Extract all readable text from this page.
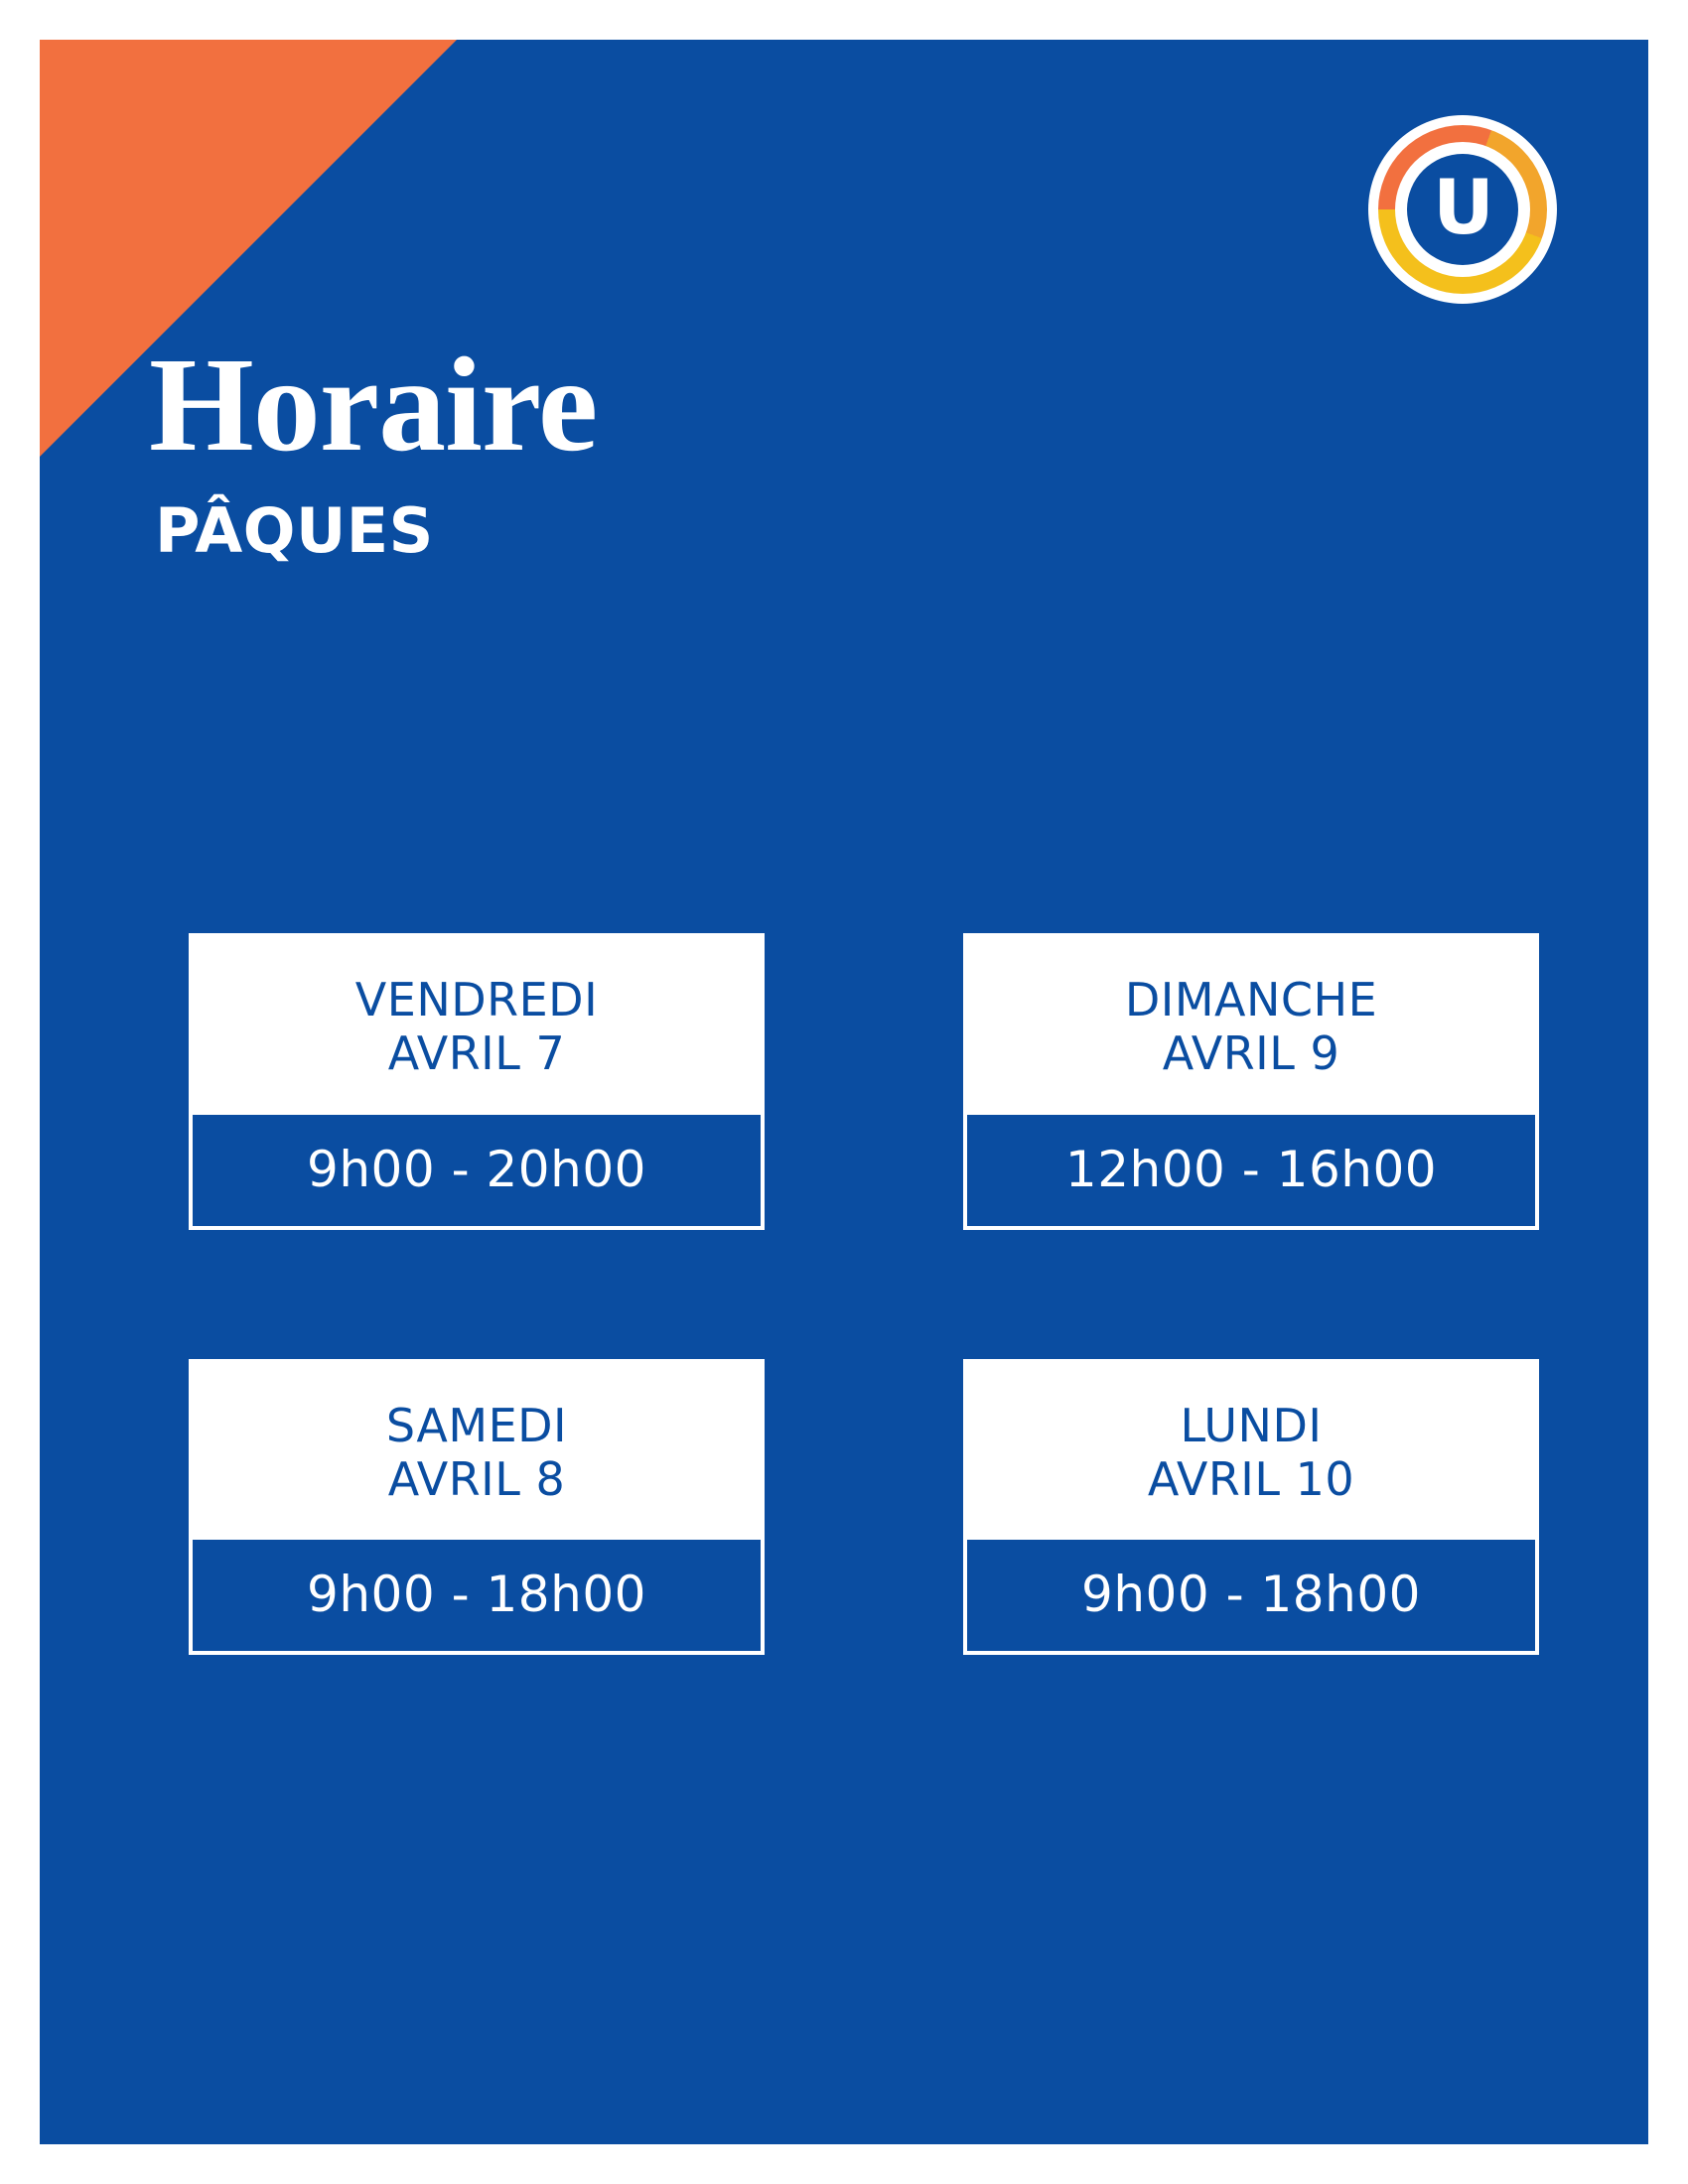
U
Horaire
PÂQUES
VENDREDI
AVRIL 7
9h00 - 20h00
DIMANCHE
AVRIL 9
12h00 - 16h00
SAMEDI
AVRIL 8
9h00 - 18h00
LUNDI
AVRIL 10
9h00 - 18h00
